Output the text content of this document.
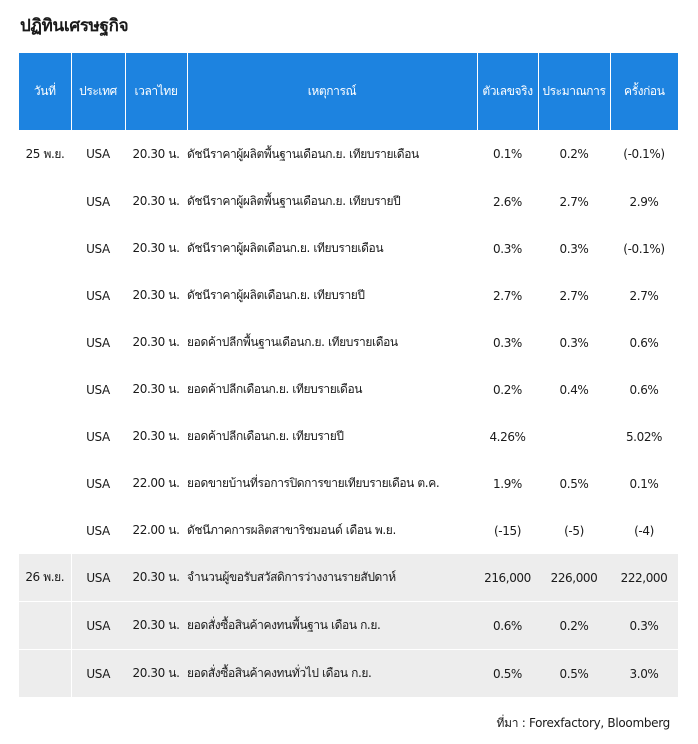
ปฏิทินเศรษฐกิจ
วันที่	ประเทศ	เวลาไทย	เหตุการณ์	ตัวเลขจริง	ประมาณการ	ครั้งก่อน
25 พ.ย.	USA	20.30 น.	ดัชนีราคาผู้ผลิตพื้นฐานเดือนก.ย. เทียบรายเดือน	0.1%	0.2%	(-0.1%)
	USA	20.30 น.	ดัชนีราคาผู้ผลิตพื้นฐานเดือนก.ย. เทียบรายปี	2.6%	2.7%	2.9%
	USA	20.30 น.	ดัชนีราคาผู้ผลิตเดือนก.ย. เทียบรายเดือน	0.3%	0.3%	(-0.1%)
	USA	20.30 น.	ดัชนีราคาผู้ผลิตเดือนก.ย. เทียบรายปี	2.7%	2.7%	2.7%
	USA	20.30 น.	ยอดค้าปลีกพื้นฐานเดือนก.ย. เทียบรายเดือน	0.3%	0.3%	0.6%
	USA	20.30 น.	ยอดค้าปลีกเดือนก.ย. เทียบรายเดือน	0.2%	0.4%	0.6%
	USA	20.30 น.	ยอดค้าปลีกเดือนก.ย. เทียบรายปี	4.26%		5.02%
	USA	22.00 น.	ยอดขายบ้านที่รอการปิดการขายเทียบรายเดือน ต.ค.	1.9%	0.5%	0.1%
	USA	22.00 น.	ดัชนีภาคการผลิตสาขาริชมอนด์ เดือน พ.ย.	(-15)	(-5)	(-4)
26 พ.ย.	USA	20.30 น.	จำนวนผู้ขอรับสวัสดิการว่างงานรายสัปดาห์	216,000	226,000	222,000
	USA	20.30 น.	ยอดสั่งซื้อสินค้าคงทนพื้นฐาน เดือน ก.ย.	0.6%	0.2%	0.3%
	USA	20.30 น.	ยอดสั่งซื้อสินค้าคงทนทั่วไป เดือน ก.ย.	0.5%	0.5%	3.0%
ที่มา : Forexfactory, Bloomberg
